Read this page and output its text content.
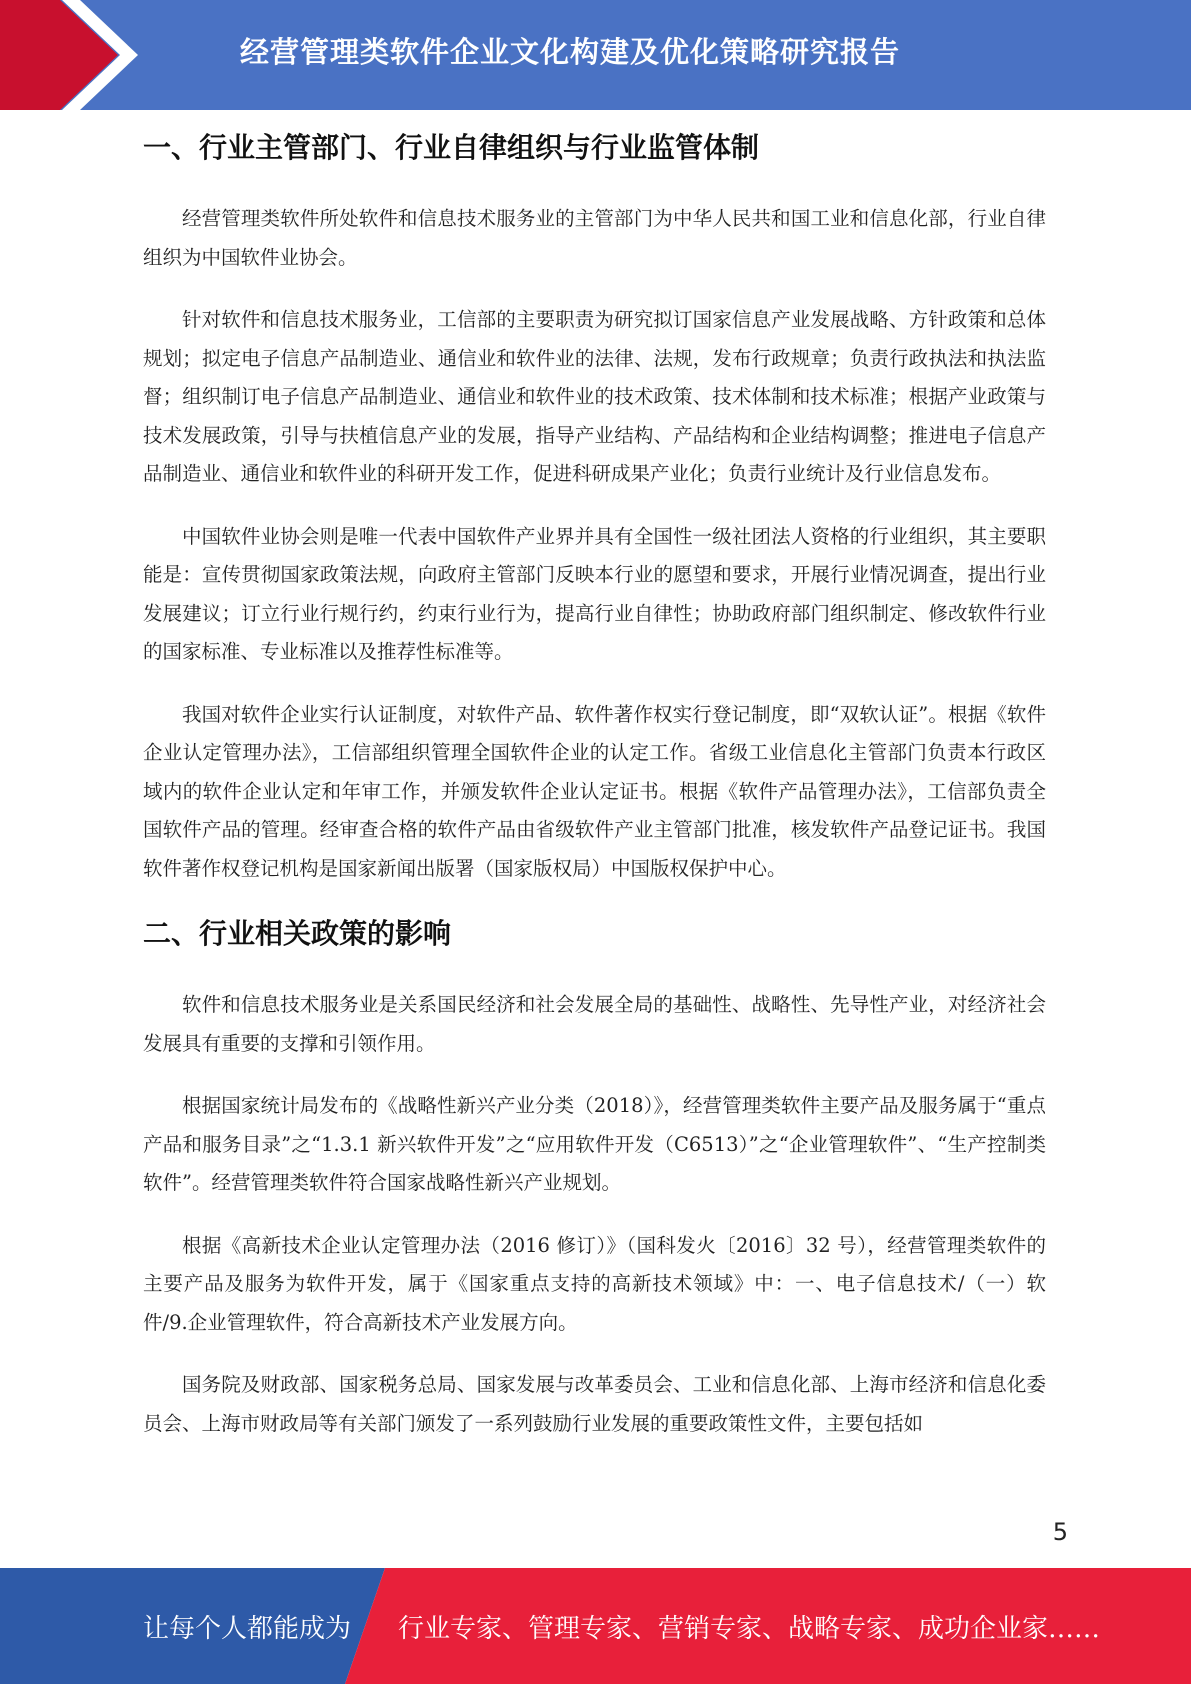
经营管理类软件企业文化构建及优化策略研究报告
一、行业主管部门、行业自律组织与行业监管体制

经营管理类软件所处软件和信息技术服务业的主管部门为中华人民共和国工业和信息化部，行业自律组织为中国软件业协会。

针对软件和信息技术服务业，工信部的主要职责为研究拟订国家信息产业发展战略、方针政策和总体规划；拟定电子信息产品制造业、通信业和软件业的法律、法规，发布行政规章；负责行政执法和执法监督；组织制订电子信息产品制造业、通信业和软件业的技术政策、技术体制和技术标准；根据产业政策与技术发展政策，引导与扶植信息产业的发展，指导产业结构、产品结构和企业结构调整；推进电子信息产品制造业、通信业和软件业的科研开发工作，促进科研成果产业化；负责行业统计及行业信息发布。

中国软件业协会则是唯一代表中国软件产业界并具有全国性一级社团法人资格的行业组织，其主要职能是：宣传贯彻国家政策法规，向政府主管部门反映本行业的愿望和要求，开展行业情况调查，提出行业发展建议；订立行业行规行约，约束行业行为，提高行业自律性；协助政府部门组织制定、修改软件行业的国家标准、专业标准以及推荐性标准等。

我国对软件企业实行认证制度，对软件产品、软件著作权实行登记制度，即“双软认证”。根据《软件企业认定管理办法》，工信部组织管理全国软件企业的认定工作。省级工业信息化主管部门负责本行政区域内的软件企业认定和年审工作，并颁发软件企业认定证书。根据《软件产品管理办法》，工信部负责全国软件产品的管理。经审查合格的软件产品由省级软件产业主管部门批准，核发软件产品登记证书。我国软件著作权登记机构是国家新闻出版署（国家版权局）中国版权保护中心。

二、行业相关政策的影响

软件和信息技术服务业是关系国民经济和社会发展全局的基础性、战略性、先导性产业，对经济社会发展具有重要的支撑和引领作用。

根据国家统计局发布的《战略性新兴产业分类（2018）》，经营管理类软件主要产品及服务属于“重点产品和服务目录”之“1.3.1 新兴软件开发”之“应用软件开发（C6513）”之“企业管理软件”、“生产控制类软件”。经营管理类软件符合国家战略性新兴产业规划。

根据《高新技术企业认定管理办法（2016 修订）》（国科发火〔2016〕32 号），经营管理类软件的主要产品及服务为软件开发，属于《国家重点支持的高新技术领域》中：一、电子信息技术/（一）软件/9.企业管理软件，符合高新技术产业发展方向。

国务院及财政部、国家税务总局、国家发展与改革委员会、工业和信息化部、上海市经济和信息化委员会、上海市财政局等有关部门颁发了一系列鼓励行业发展的重要政策性文件，主要包括如

5
让每个人都能成为 行业专家、管理专家、营销专家、战略专家、成功企业家……
